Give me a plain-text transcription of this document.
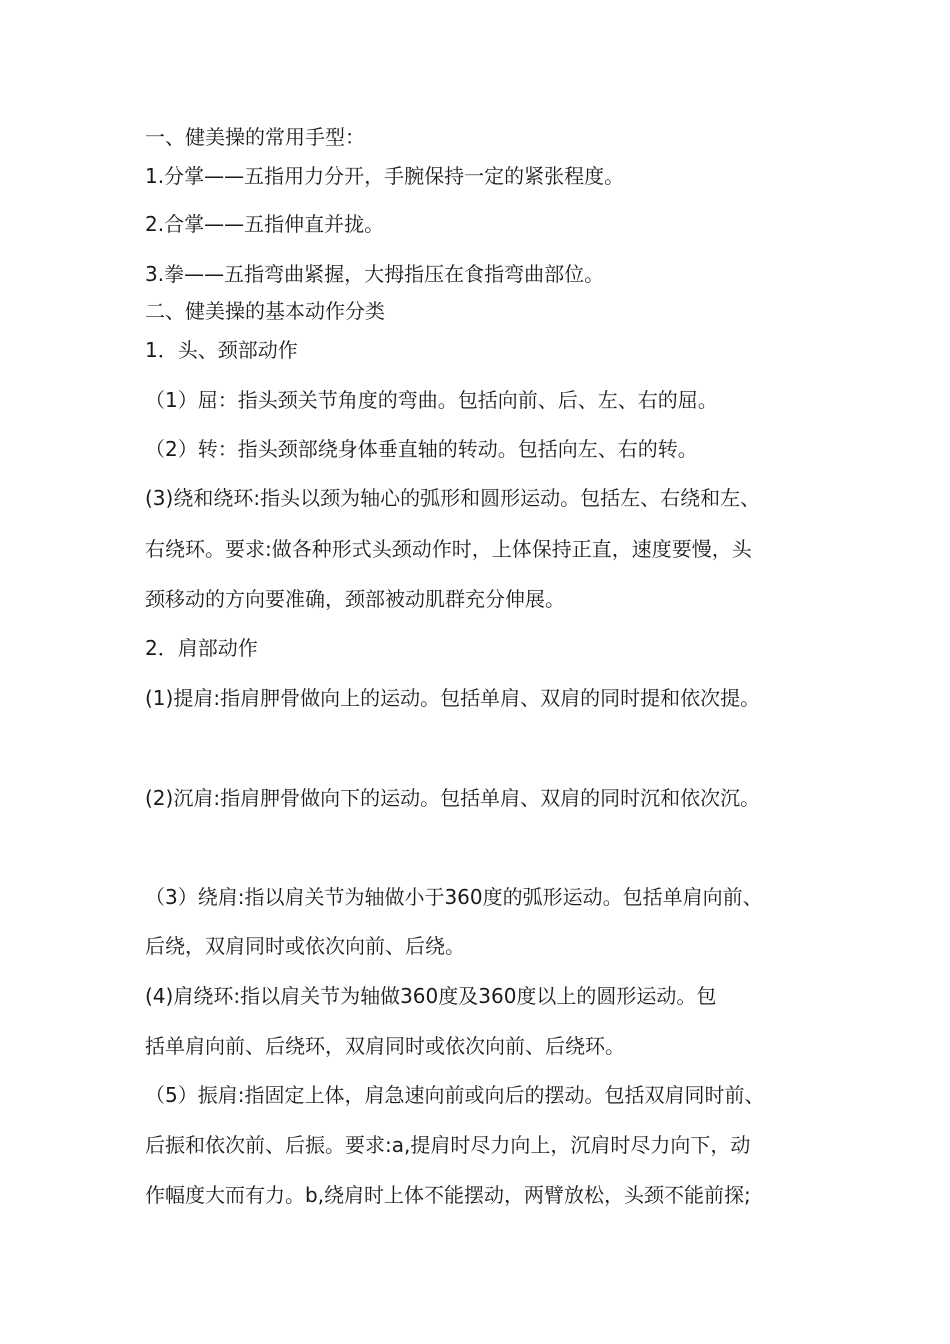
一、健美操的常用手型：
1.分掌——五指用力分开，手腕保持一定的紧张程度。
2.合掌——五指伸直并拢。
3.拳——五指弯曲紧握，大拇指压在食指弯曲部位。
二、健美操的基本动作分类
1．头、颈部动作
（1）屈：指头颈关节角度的弯曲。包括向前、后、左、右的屈。
（2）转：指头颈部绕身体垂直轴的转动。包括向左、右的转。
(3)绕和绕环:指头以颈为轴心的弧形和圆形运动。包括左、右绕和左、
右绕环。要求:做各种形式头颈动作时，上体保持正直，速度要慢，头
颈移动的方向要准确，颈部被动肌群充分伸展。
2．肩部动作
(1)提肩:指肩胛骨做向上的运动。包括单肩、双肩的同时提和依次提。
(2)沉肩:指肩胛骨做向下的运动。包括单肩、双肩的同时沉和依次沉。
（3）绕肩:指以肩关节为轴做小于360度的弧形运动。包括单肩向前、
后绕，双肩同时或依次向前、后绕。
(4)肩绕环:指以肩关节为轴做360度及360度以上的圆形运动。包
括单肩向前、后绕环，双肩同时或依次向前、后绕环。
（5）振肩:指固定上体，肩急速向前或向后的摆动。包括双肩同时前、
后振和依次前、后振。要求:a,提肩时尽力向上，沉肩时尽力向下，动
作幅度大而有力。b,绕肩时上体不能摆动，两臂放松，头颈不能前探;
